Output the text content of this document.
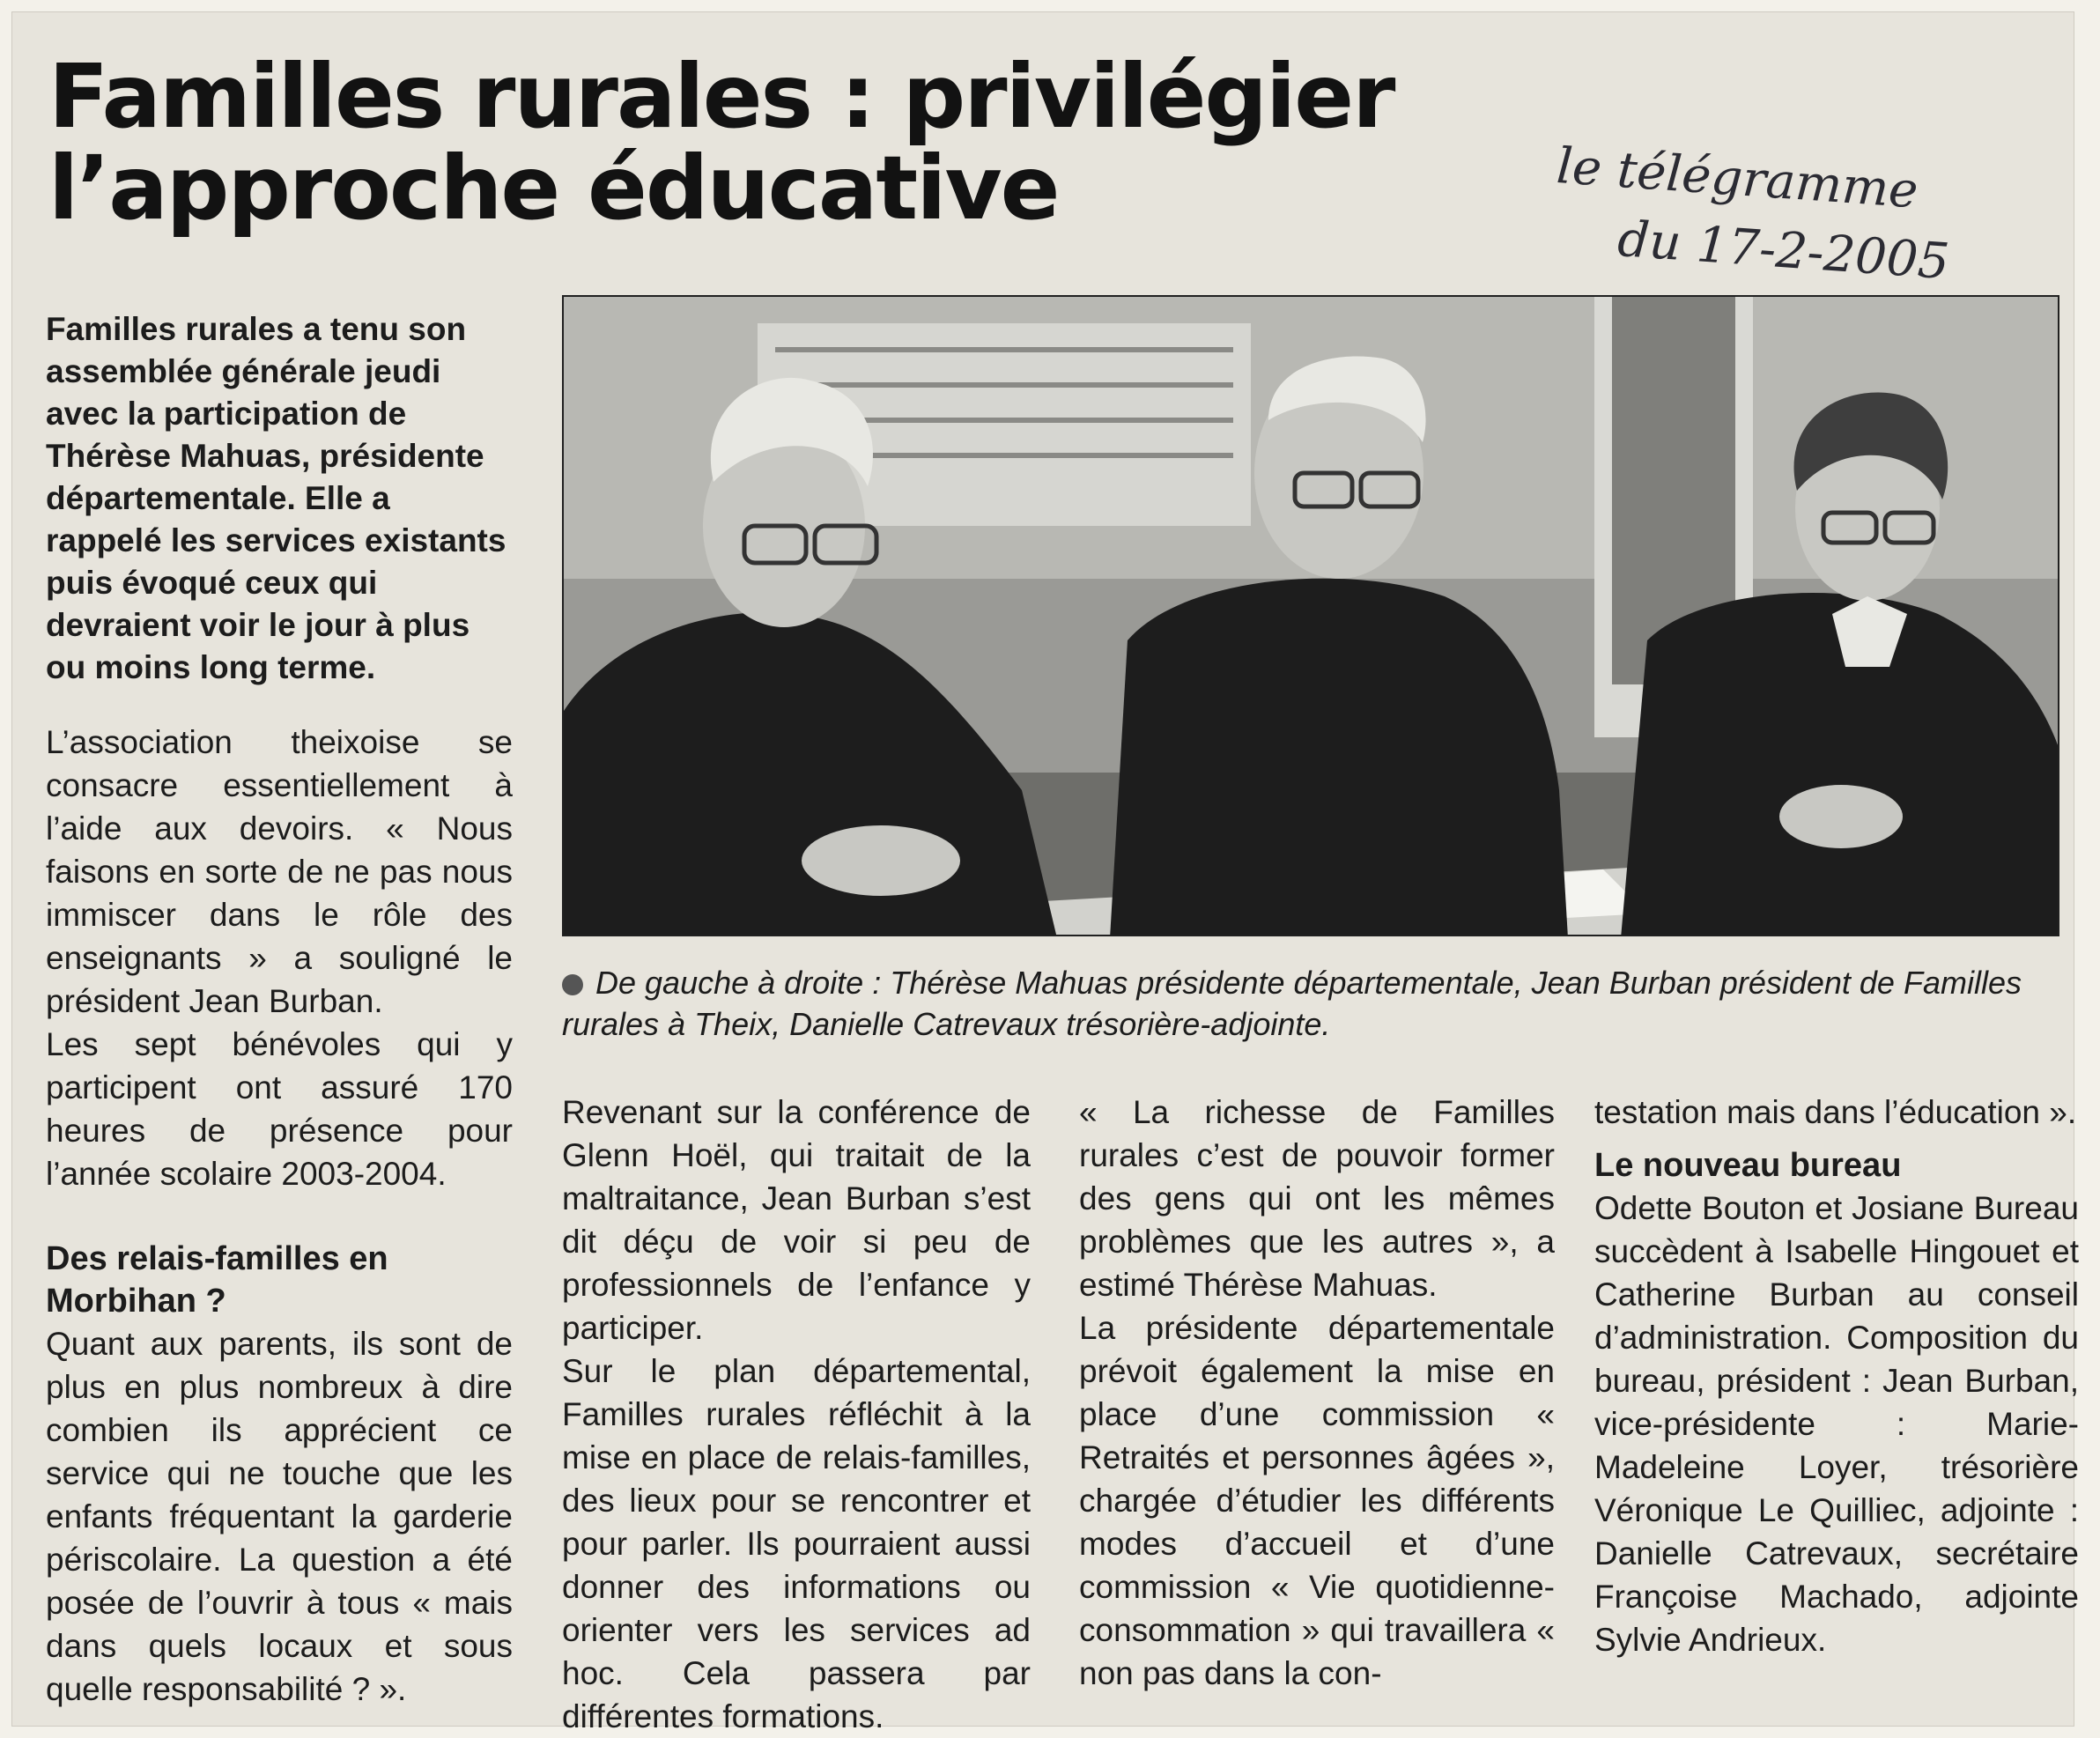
Familles rurales : privilégier l’approche éducative	le télégramme
du 17-2-2005

Familles rurales a tenu son assemblée générale jeudi avec la participation de Thérèse Mahuas, présidente départementale. Elle a rappelé les services existants puis évoqué ceux qui devraient voir le jour à plus ou moins long terme.

L’association theixoise se consacre essentiellement à l’aide aux devoirs. « Nous faisons en sorte de ne pas nous immiscer dans le rôle des enseignants » a souligné le président Jean Burban.

Les sept bénévoles qui y participent ont assuré 170 heures de présence pour l’année scolaire 2003-2004.

Des relais-familles en Morbihan ?

Quant aux parents, ils sont de plus en plus nombreux à dire combien ils apprécient ce service qui ne touche que les enfants fréquentant la garderie périscolaire. La question a été posée de l’ouvrir à tous « mais dans quels locaux et sous quelle responsabilité ? ».

De gauche à droite : Thérèse Mahuas présidente départementale, Jean Burban président de Familles rurales à Theix, Danielle Catrevaux trésorière-adjointe.

Revenant sur la conférence de Glenn Hoël, qui traitait de la maltraitance, Jean Burban s’est dit déçu de voir si peu de professionnels de l’enfance y participer.

Sur le plan départemental, Familles rurales réfléchit à la mise en place de relais-familles, des lieux pour se rencontrer et pour parler. Ils pourraient aussi donner des informations ou orienter vers les services ad hoc. Cela passera par différentes formations.

« La richesse de Familles rurales c’est de pouvoir former des gens qui ont les mêmes problèmes que les autres », a estimé Thérèse Mahuas.

La présidente départementale prévoit également la mise en place d’une commission « Retraités et personnes âgées », chargée d’étudier les différents modes d’accueil et d’une commission « Vie quotidienne-consommation » qui travaillera « non pas dans la con-

testation mais dans l’éducation ».

Le nouveau bureau

Odette Bouton et Josiane Bureau succèdent à Isabelle Hingouet et Catherine Burban au conseil d’administration. Composition du bureau, président : Jean Burban, vice-présidente : Marie-Madeleine Loyer, trésorière Véronique Le Quilliec, adjointe : Danielle Catrevaux, secrétaire Françoise Machado, adjointe Sylvie Andrieux.
